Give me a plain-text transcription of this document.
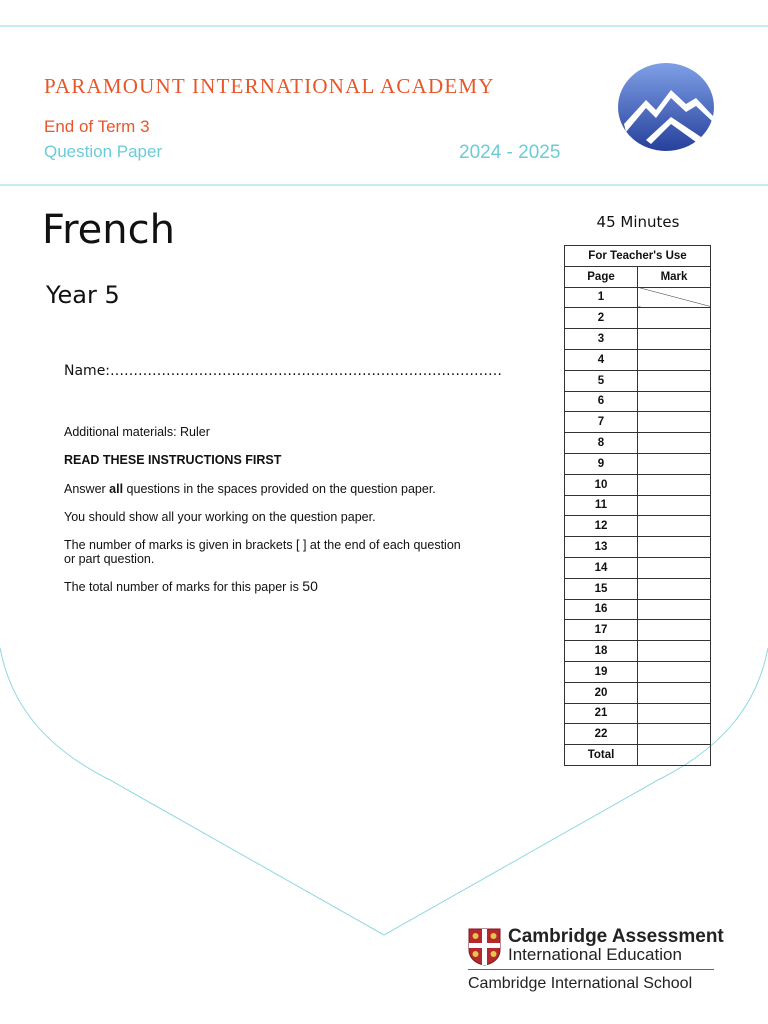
PARAMOUNT INTERNATIONAL ACADEMY
End of Term 3
Question Paper	2024 - 2025
French
Year 5
Name:…………………………………………………………………………
Additional materials: Ruler
READ THESE INSTRUCTIONS FIRST
Answer all questions in the spaces provided on the question paper.
You should show all your working on the question paper.
The number of marks is given in brackets [ ] at the end of each question
or part question.
The total number of marks for this paper is 50
45 Minutes
For Teacher's Use	
Page	Mark
1	
2	
3	
4	
5	
6	
7	
8	
9	
10	
11	
12	
13	
14	
15	
16	
17	
18	
19	
20	
21	
22	
Total	
Cambridge Assessment
International Education
Cambridge International School
